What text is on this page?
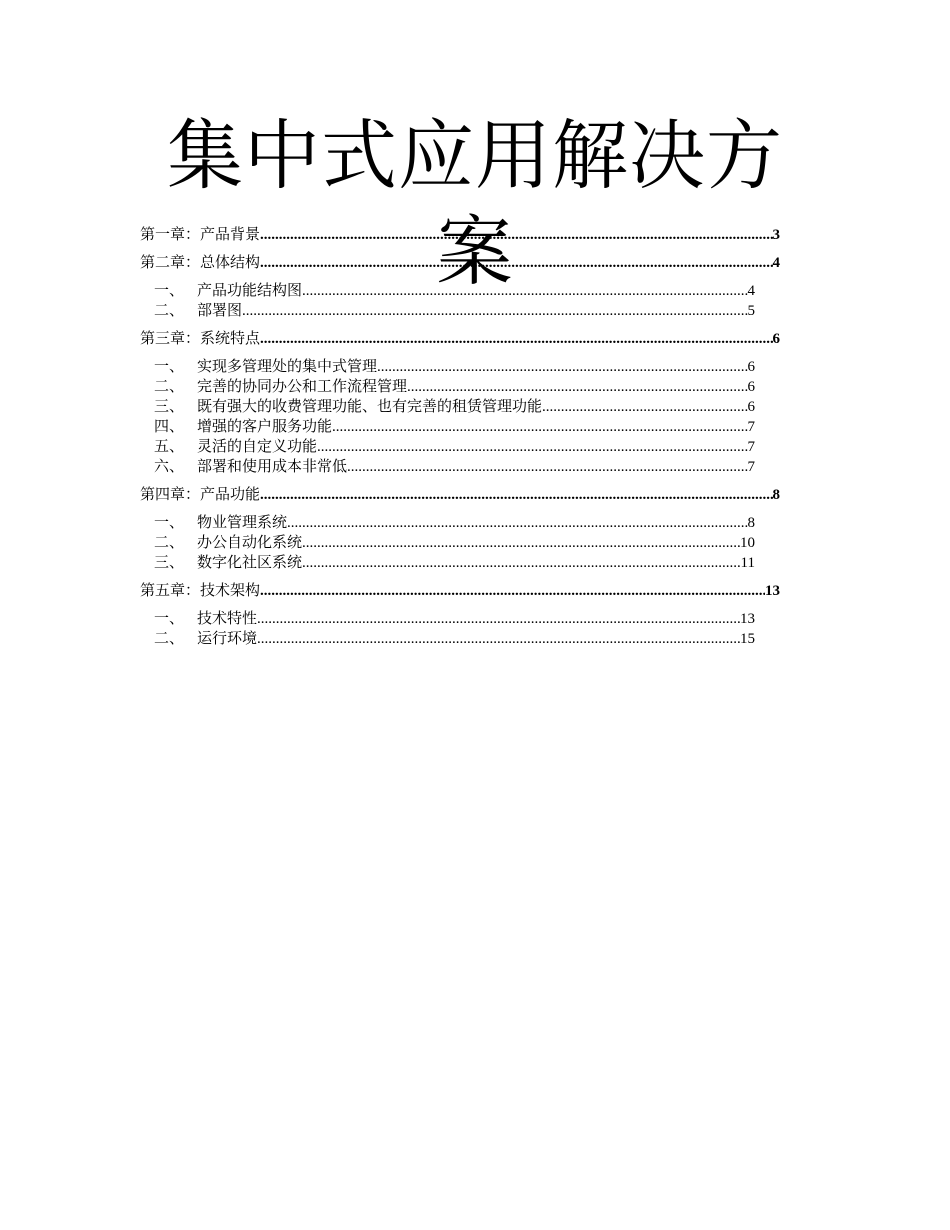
集中式应用解决方案
第一章：产品背景 .....	3
第二章：总体结构 .....	4
一、 产品功能结构图 .....	4
二、 部署图 .....	5
第三章：系统特点 .....	6
一、 实现多管理处的集中式管理 .....	6
二、 完善的协同办公和工作流程管理 .....	6
三、 既有强大的收费管理功能、也有完善的租赁管理功能 .....	6
四、 增强的客户服务功能 .....	7
五、 灵活的自定义功能 .....	7
六、 部署和使用成本非常低 .....	7
第四章：产品功能 .....	8
一、 物业管理系统 .....	8
二、 办公自动化系统 .....	10
三、 数字化社区系统 .....	11
第五章：技术架构 .....	13
一、 技术特性 .....	13
二、 运行环境 .....	15
